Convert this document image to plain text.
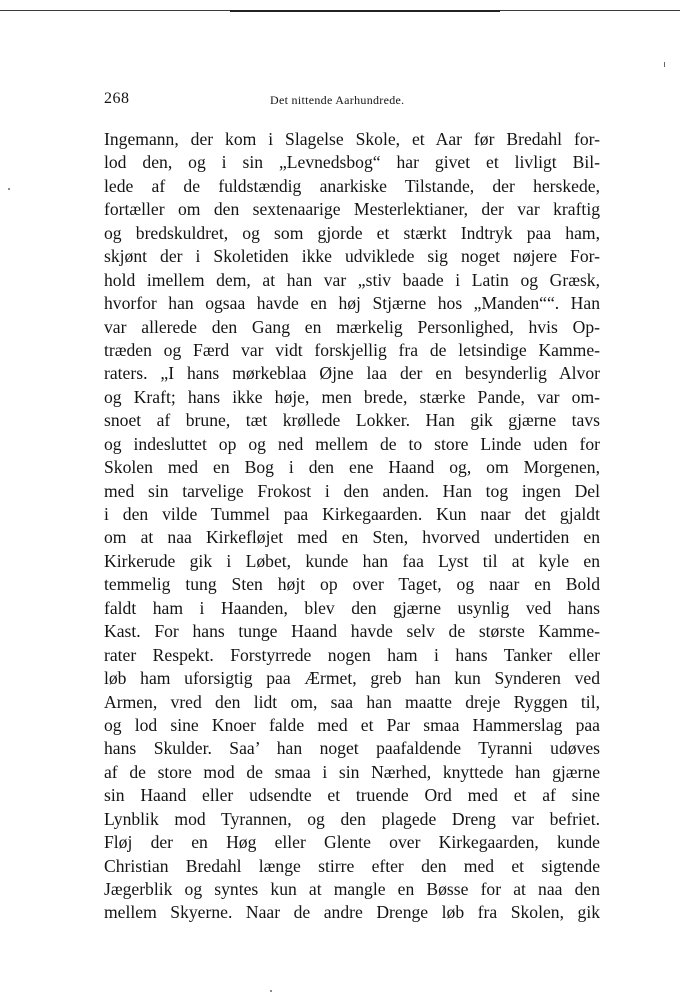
268	Det nittende Aarhundrede.
Ingemann, der kom i Slagelse Skole, et Aar før Bredahl for-
lod den, og i sin „Levnedsbog“ har givet et livligt Bil-
lede af de fuldstændig anarkiske Tilstande, der herskede,
fortæller om den sextenaarige Mesterlektianer, der var kraftig
og bredskuldret, og som gjorde et stærkt Indtryk paa ham,
skjønt der i Skoletiden ikke udviklede sig noget nøjere For-
hold imellem dem, at han var „stiv baade i Latin og Græsk,
hvorfor han ogsaa havde en høj Stjærne hos „Manden““. Han
var allerede den Gang en mærkelig Personlighed, hvis Op-
træden og Færd var vidt forskjellig fra de letsindige Kamme-
raters. „I hans mørkeblaa Øjne laa der en besynderlig Alvor
og Kraft; hans ikke høje, men brede, stærke Pande, var om-
snoet af brune, tæt krøllede Lokker. Han gik gjærne tavs
og indesluttet op og ned mellem de to store Linde uden for
Skolen med en Bog i den ene Haand og, om Morgenen,
med sin tarvelige Frokost i den anden. Han tog ingen Del
i den vilde Tummel paa Kirkegaarden. Kun naar det gjaldt
om at naa Kirkefløjet med en Sten, hvorved undertiden en
Kirkerude gik i Løbet, kunde han faa Lyst til at kyle en
temmelig tung Sten højt op over Taget, og naar en Bold
faldt ham i Haanden, blev den gjærne usynlig ved hans
Kast. For hans tunge Haand havde selv de største Kamme-
rater Respekt. Forstyrrede nogen ham i hans Tanker eller
løb ham uforsigtig paa Ærmet, greb han kun Synderen ved
Armen, vred den lidt om, saa han maatte dreje Ryggen til,
og lod sine Knoer falde med et Par smaa Hammerslag paa
hans Skulder. Saa’ han noget paafaldende Tyranni udøves
af de store mod de smaa i sin Nærhed, knyttede han gjærne
sin Haand eller udsendte et truende Ord med et af sine
Lynblik mod Tyrannen, og den plagede Dreng var befriet.
Fløj der en Høg eller Glente over Kirkegaarden, kunde
Christian Bredahl længe stirre efter den med et sigtende
Jægerblik og syntes kun at mangle en Bøsse for at naa den
mellem Skyerne. Naar de andre Drenge løb fra Skolen, gik
